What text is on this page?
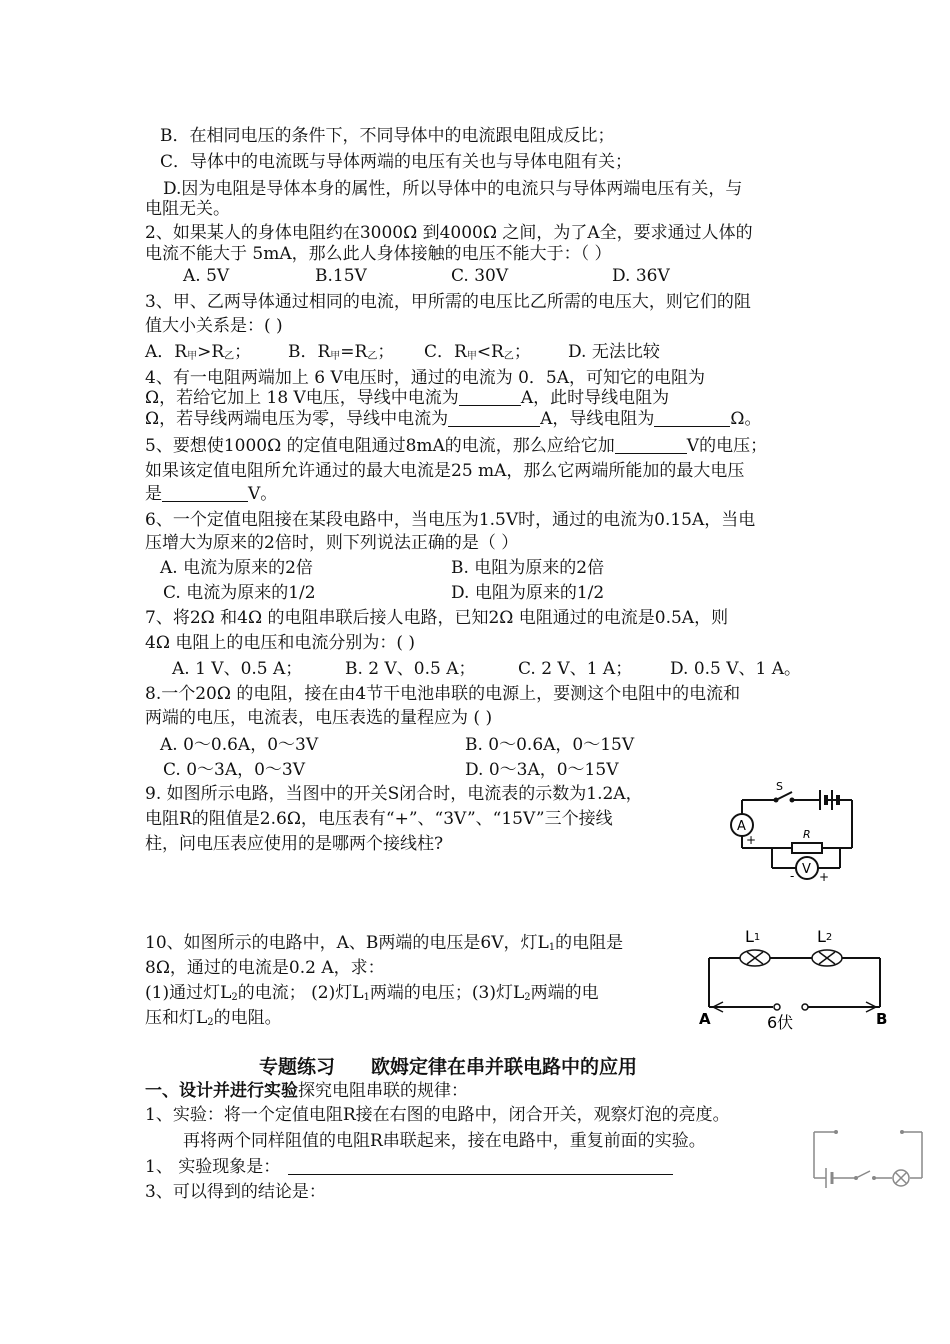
B．在相同电压的条件下，不同导体中的电流跟电阻成反比；
C．导体中的电流既与导体两端的电压有关也与导体电阻有关；
D.因为电阻是导体本身的属性，所以导体中的电流只与导体两端电压有关，与
电阻无关。
2、如果某人的身体电阻约在3000Ω 到4000Ω 之间，为了A全，要求通过人体的
电流不能大于 5mA，那么此人身体接触的电压不能大于：（ ）
A. 5V	B.15V	C. 30V	D. 36V
3、甲、乙两导体通过相同的电流，甲所需的电压比乙所需的电压大，则它们的阻
值大小关系是：( )
A．$R_甲>R_乙$； B．$R_甲=R_乙$； C．$R_甲<R_乙$； D. 无法比较
4、有一电阻两端加上 6 V电压时，通过的电流为 0．5A，可知它的电阻为
Ω，若给它加上 18 V电压，导线中电流为	A，此时导线电阻为
Ω，若导线两端电压为零，导线中电流为	A，导线电阻为	Ω。
5、要想使1000Ω 的定值电阻通过8mA的电流，那么应给它加	V的电压；
如果该定值电阻所允许通过的最大电流是25 mA，那么它两端所能加的最大电压
是	V。
6、一个定值电阻接在某段电路中，当电压为1.5V时，通过的电流为0.15A，当电
压增大为原来的2倍时，则下列说法正确的是（ ）
A. 电流为原来的2倍	B. 电阻为原来的2倍
C. 电流为原来的1/2	D. 电阻为原来的1/2
7、将2Ω 和4Ω 的电阻串联后接人电路，已知2Ω 电阻通过的电流是0.5A，则
4Ω 电阻上的电压和电流分别为：( )
A. 1 V、0.5 A；	B. 2 V、0.5 A； C. 2 V、1 A； D. 0.5 V、1 A。
8.一个20Ω 的电阻，接在由4节干电池串联的电源上，要测这个电阻中的电流和
两端的电压，电流表，电压表选的量程应为 ( )
A. 0～0.6A，0～3V	B. 0～0.6A，0～15V
C. 0～3A，0～3V	D. 0～3A，0～15V
9. 如图所示电路，当图中的开关S闭合时，电流表的示数为1.2A，
电阻R的阻值是2.6Ω，电压表有“+”、“3V”、“15V”三个接线
柱，问电压表应使用的是哪两个接线柱?
S
R
A
V
+
- +
10、如图所示的电路中，A、B两端的电压是6V，灯$L_1$的电阻是
8Ω，通过的电流是0.2 A，求：
(1)通过灯$L_2$的电流； (2)灯$L_1$两端的电压；(3)灯$L_2$两端的电
压和灯$L_2$的电阻。
L1	L2
A	B
6伏
专题练习 欧姆定律在串并联电路中的应用
一、设计并进行实验探究电阻串联的规律：
1、实验：将一个定值电阻R接在右图的电路中，闭合开关，观察灯泡的亮度。
再将两个同样阻值的电阻R串联起来，接在电路中，重复前面的实验。
1、 实验现象是：
3、可以得到的结论是：
